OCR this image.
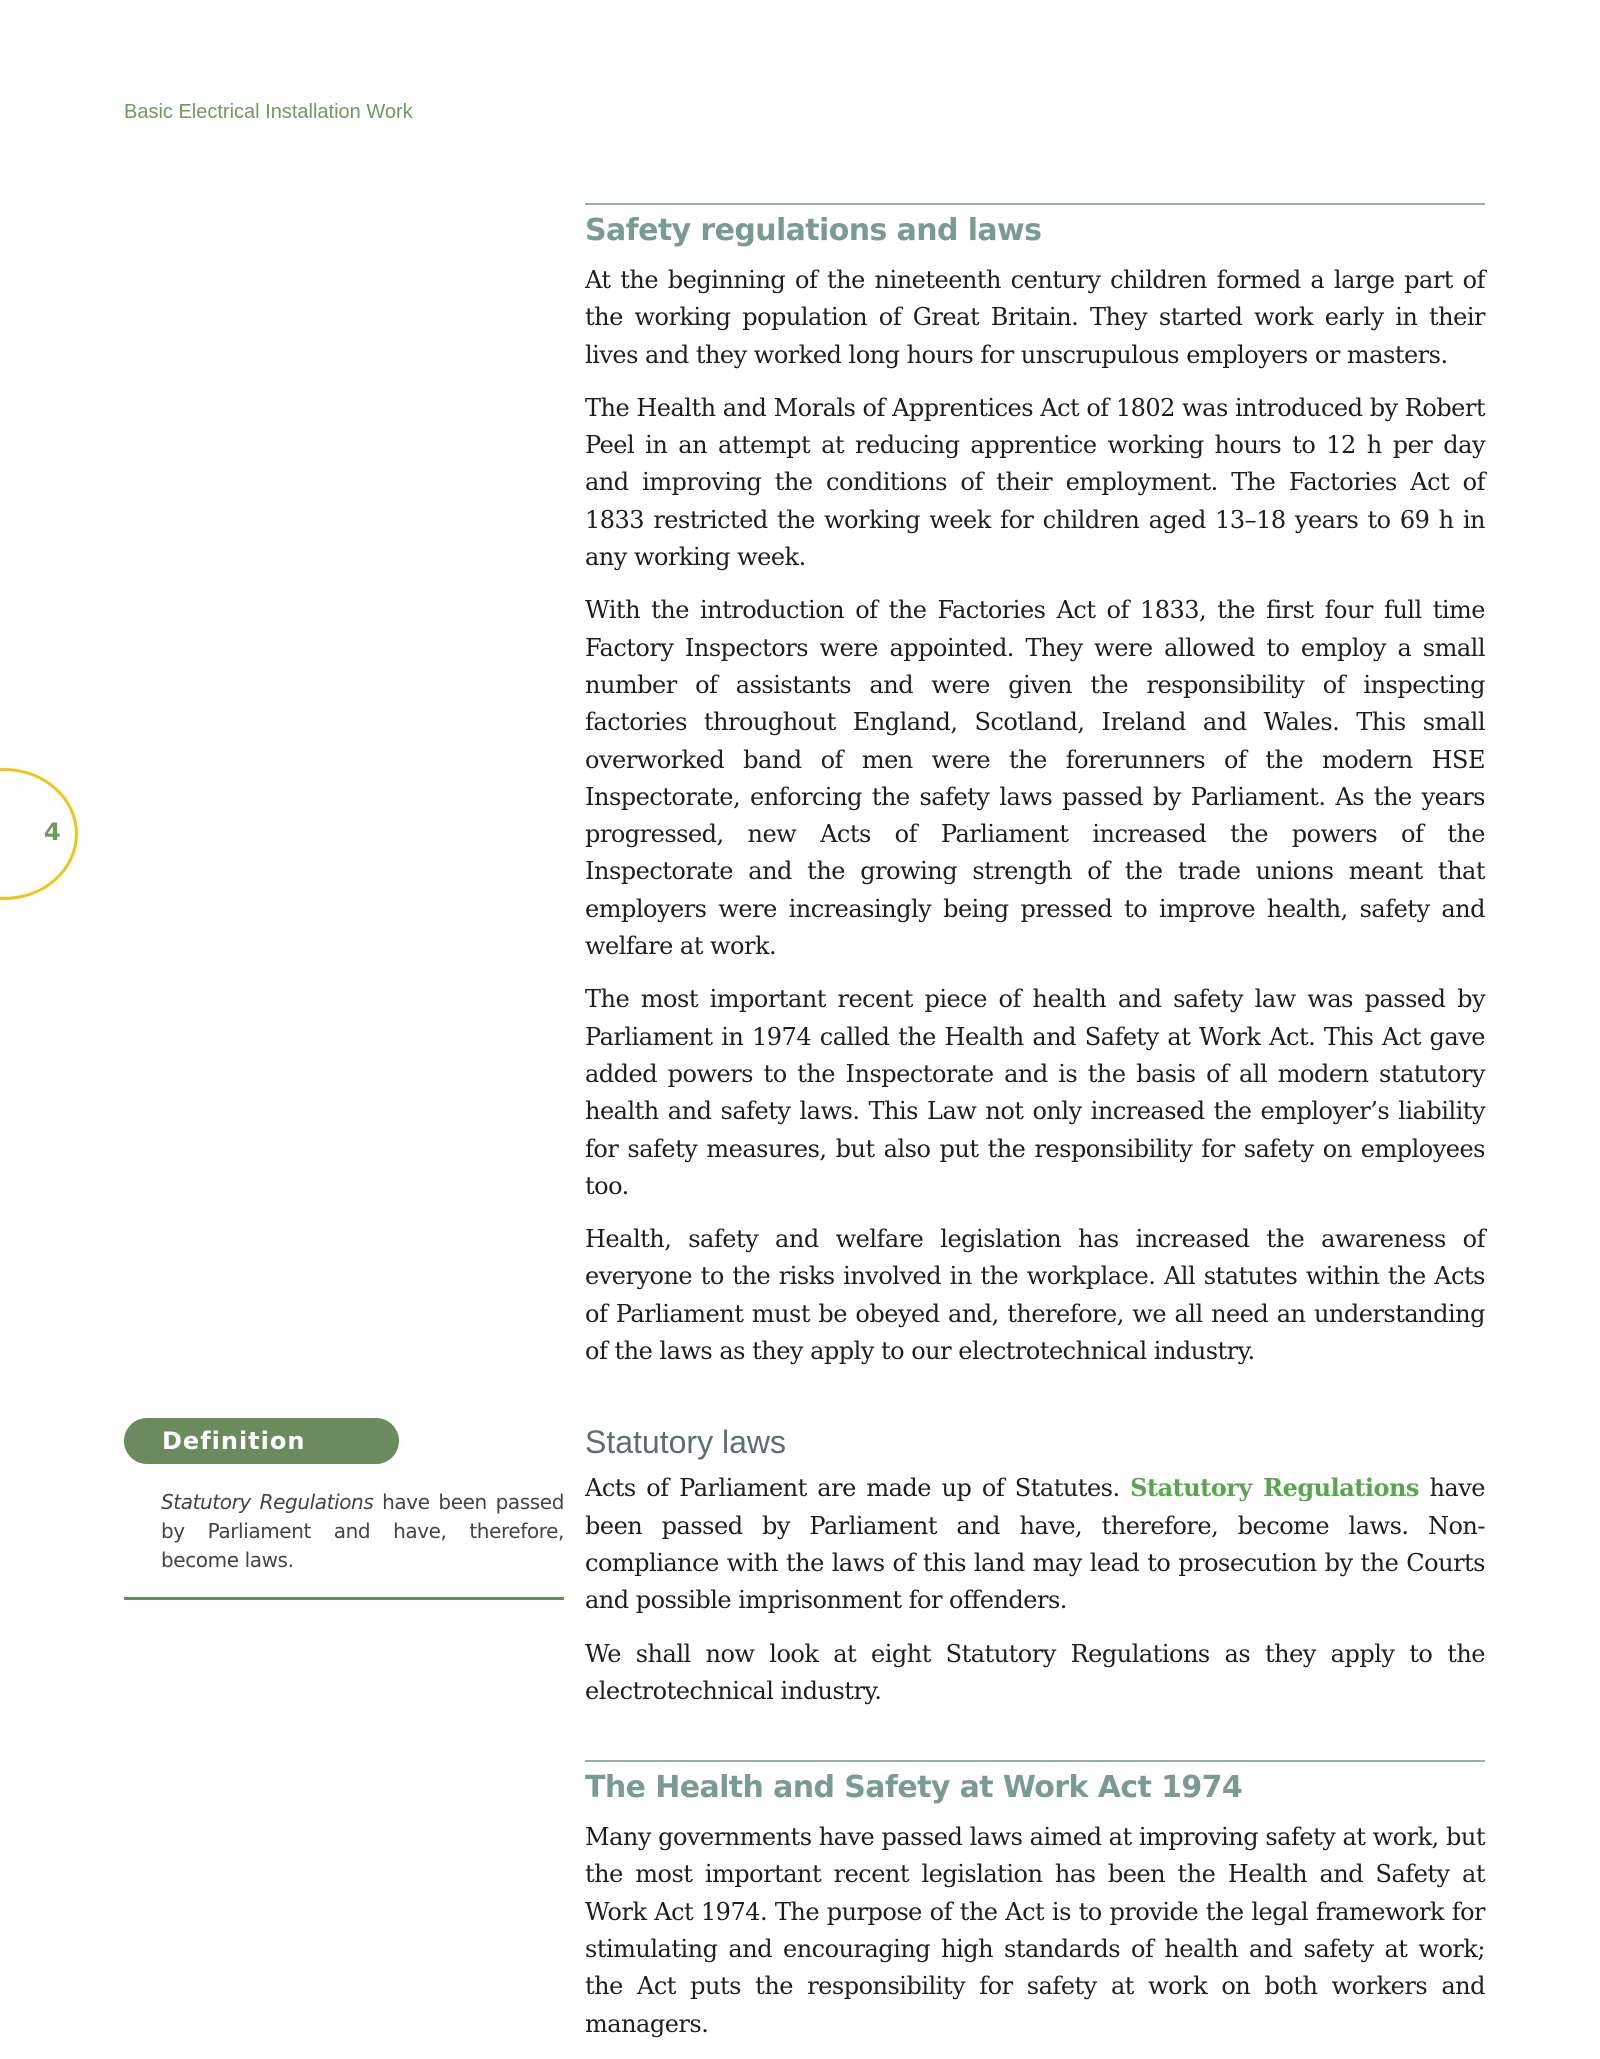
Basic Electrical Installation Work
4
Safety regulations and laws

At the beginning of the nineteenth century children formed a large part of the working population of Great Britain. They started work early in their lives and they worked long hours for unscrupulous employers or masters.

The Health and Morals of Apprentices Act of 1802 was introduced by Robert Peel in an attempt at reducing apprentice working hours to 12 h per day and improving the conditions of their employment. The Factories Act of 1833 restricted the working week for children aged 13–18 years to 69 h in any working week.

With the introduction of the Factories Act of 1833, the first four full time Factory Inspectors were appointed. They were allowed to employ a small number of assistants and were given the responsibility of inspecting factories throughout England, Scotland, Ireland and Wales. This small overworked band of men were the forerunners of the modern HSE Inspectorate, enforcing the safety laws passed by Parliament. As the years progressed, new Acts of Parliament increased the powers of the Inspectorate and the growing strength of the trade unions meant that employers were increasingly being pressed to improve health, safety and welfare at work.

The most important recent piece of health and safety law was passed by Parliament in 1974 called the Health and Safety at Work Act. This Act gave added powers to the Inspectorate and is the basis of all modern statutory health and safety laws. This Law not only increased the employer’s liability for safety measures, but also put the responsibility for safety on employees too.

Health, safety and welfare legislation has increased the awareness of everyone to the risks involved in the workplace. All statutes within the Acts of Parliament must be obeyed and, therefore, we all need an understanding of the laws as they apply to our electrotechnical industry.

Statutory laws

Acts of Parliament are made up of Statutes. Statutory Regulations have been passed by Parliament and have, therefore, become laws. Non-compliance with the laws of this land may lead to prosecution by the Courts and possible imprisonment for offenders.

We shall now look at eight Statutory Regulations as they apply to the electrotechnical industry.

The Health and Safety at Work Act 1974

Many governments have passed laws aimed at improving safety at work, but the most important recent legislation has been the Health and Safety at Work Act 1974. The purpose of the Act is to provide the legal framework for stimulating and encouraging high standards of health and safety at work; the Act puts the responsibility for safety at work on both workers and managers.

Definition
Statutory Regulations have been passed by Parliament and have, therefore, become laws.
